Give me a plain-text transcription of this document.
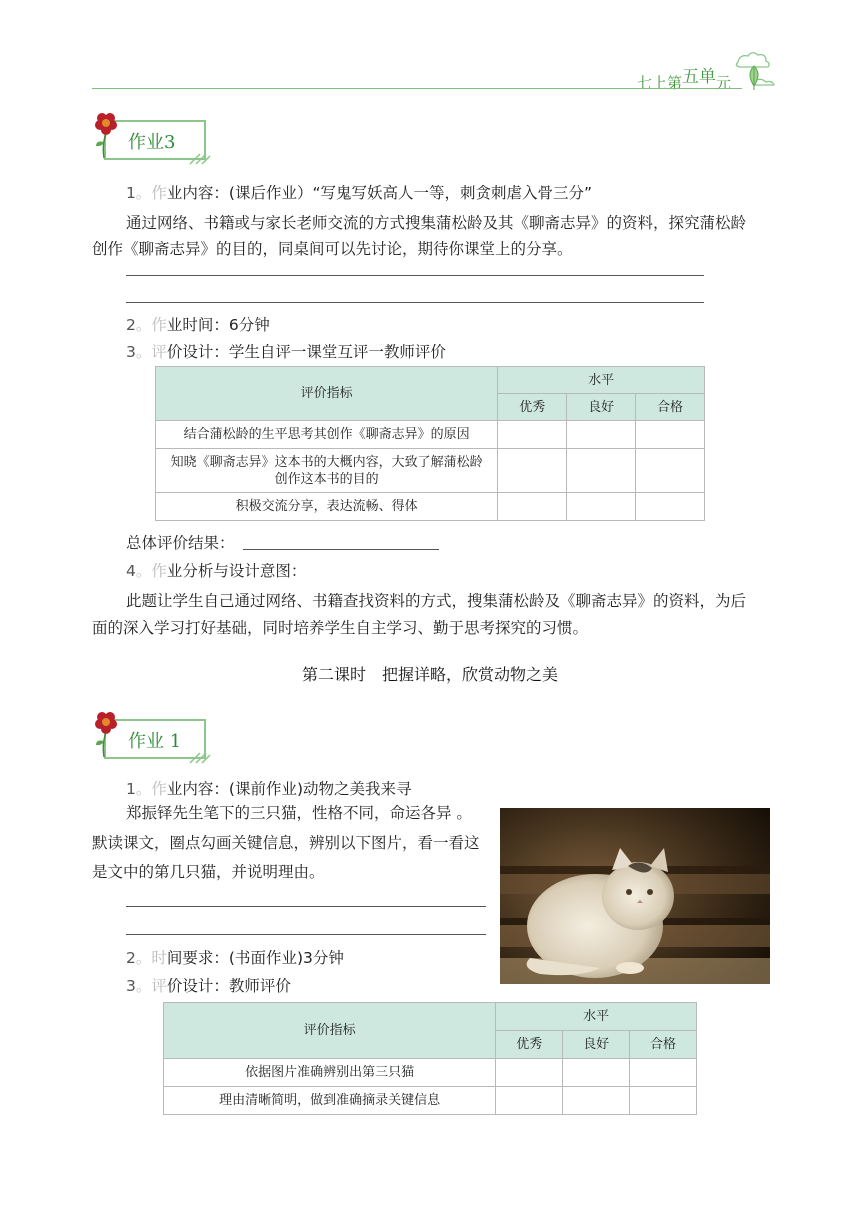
七上第五单元
作业3
1。作业内容：(课后作业）“写鬼写妖高人一等，刺贪刺虐入骨三分”
通过网络、书籍或与家长老师交流的方式搜集蒲松龄及其《聊斋志异》的资料，探究蒲松龄
创作《聊斋志异》的目的，同桌间可以先讨论，期待你课堂上的分享。
2。作业时间：6分钟
3。评价设计：学生自评一课堂互评一教师评价
评价指标	水平		
	优秀	良好	合格
结合蒲松龄的生平思考其创作《聊斋志异》的原因			
知晓《聊斋志异》这本书的大概内容，大致了解蒲松龄
创作这本书的目的			
积极交流分享，表达流畅、得体			
总体评价结果：
4。作业分析与设计意图：
此题让学生自己通过网络、书籍查找资料的方式，搜集蒲松龄及《聊斋志异》的资料，为后
面的深入学习打好基础，同时培养学生自主学习、勤于思考探究的习惯。
第二课时　把握详略，欣赏动物之美
作业 1
1。作业内容：(课前作业)动物之美我来寻
郑振铎先生笔下的三只猫，性格不同，命运各异 。
默读课文，圈点勾画关键信息，辨别以下图片，看一看这
是文中的第几只猫，并说明理由。
2。时间要求：(书面作业)3分钟
3。评价设计：教师评价
评价指标	水平		
	优秀	良好	合格
依据图片准确辨别出第三只猫			
理由清晰简明，做到准确摘录关键信息			
